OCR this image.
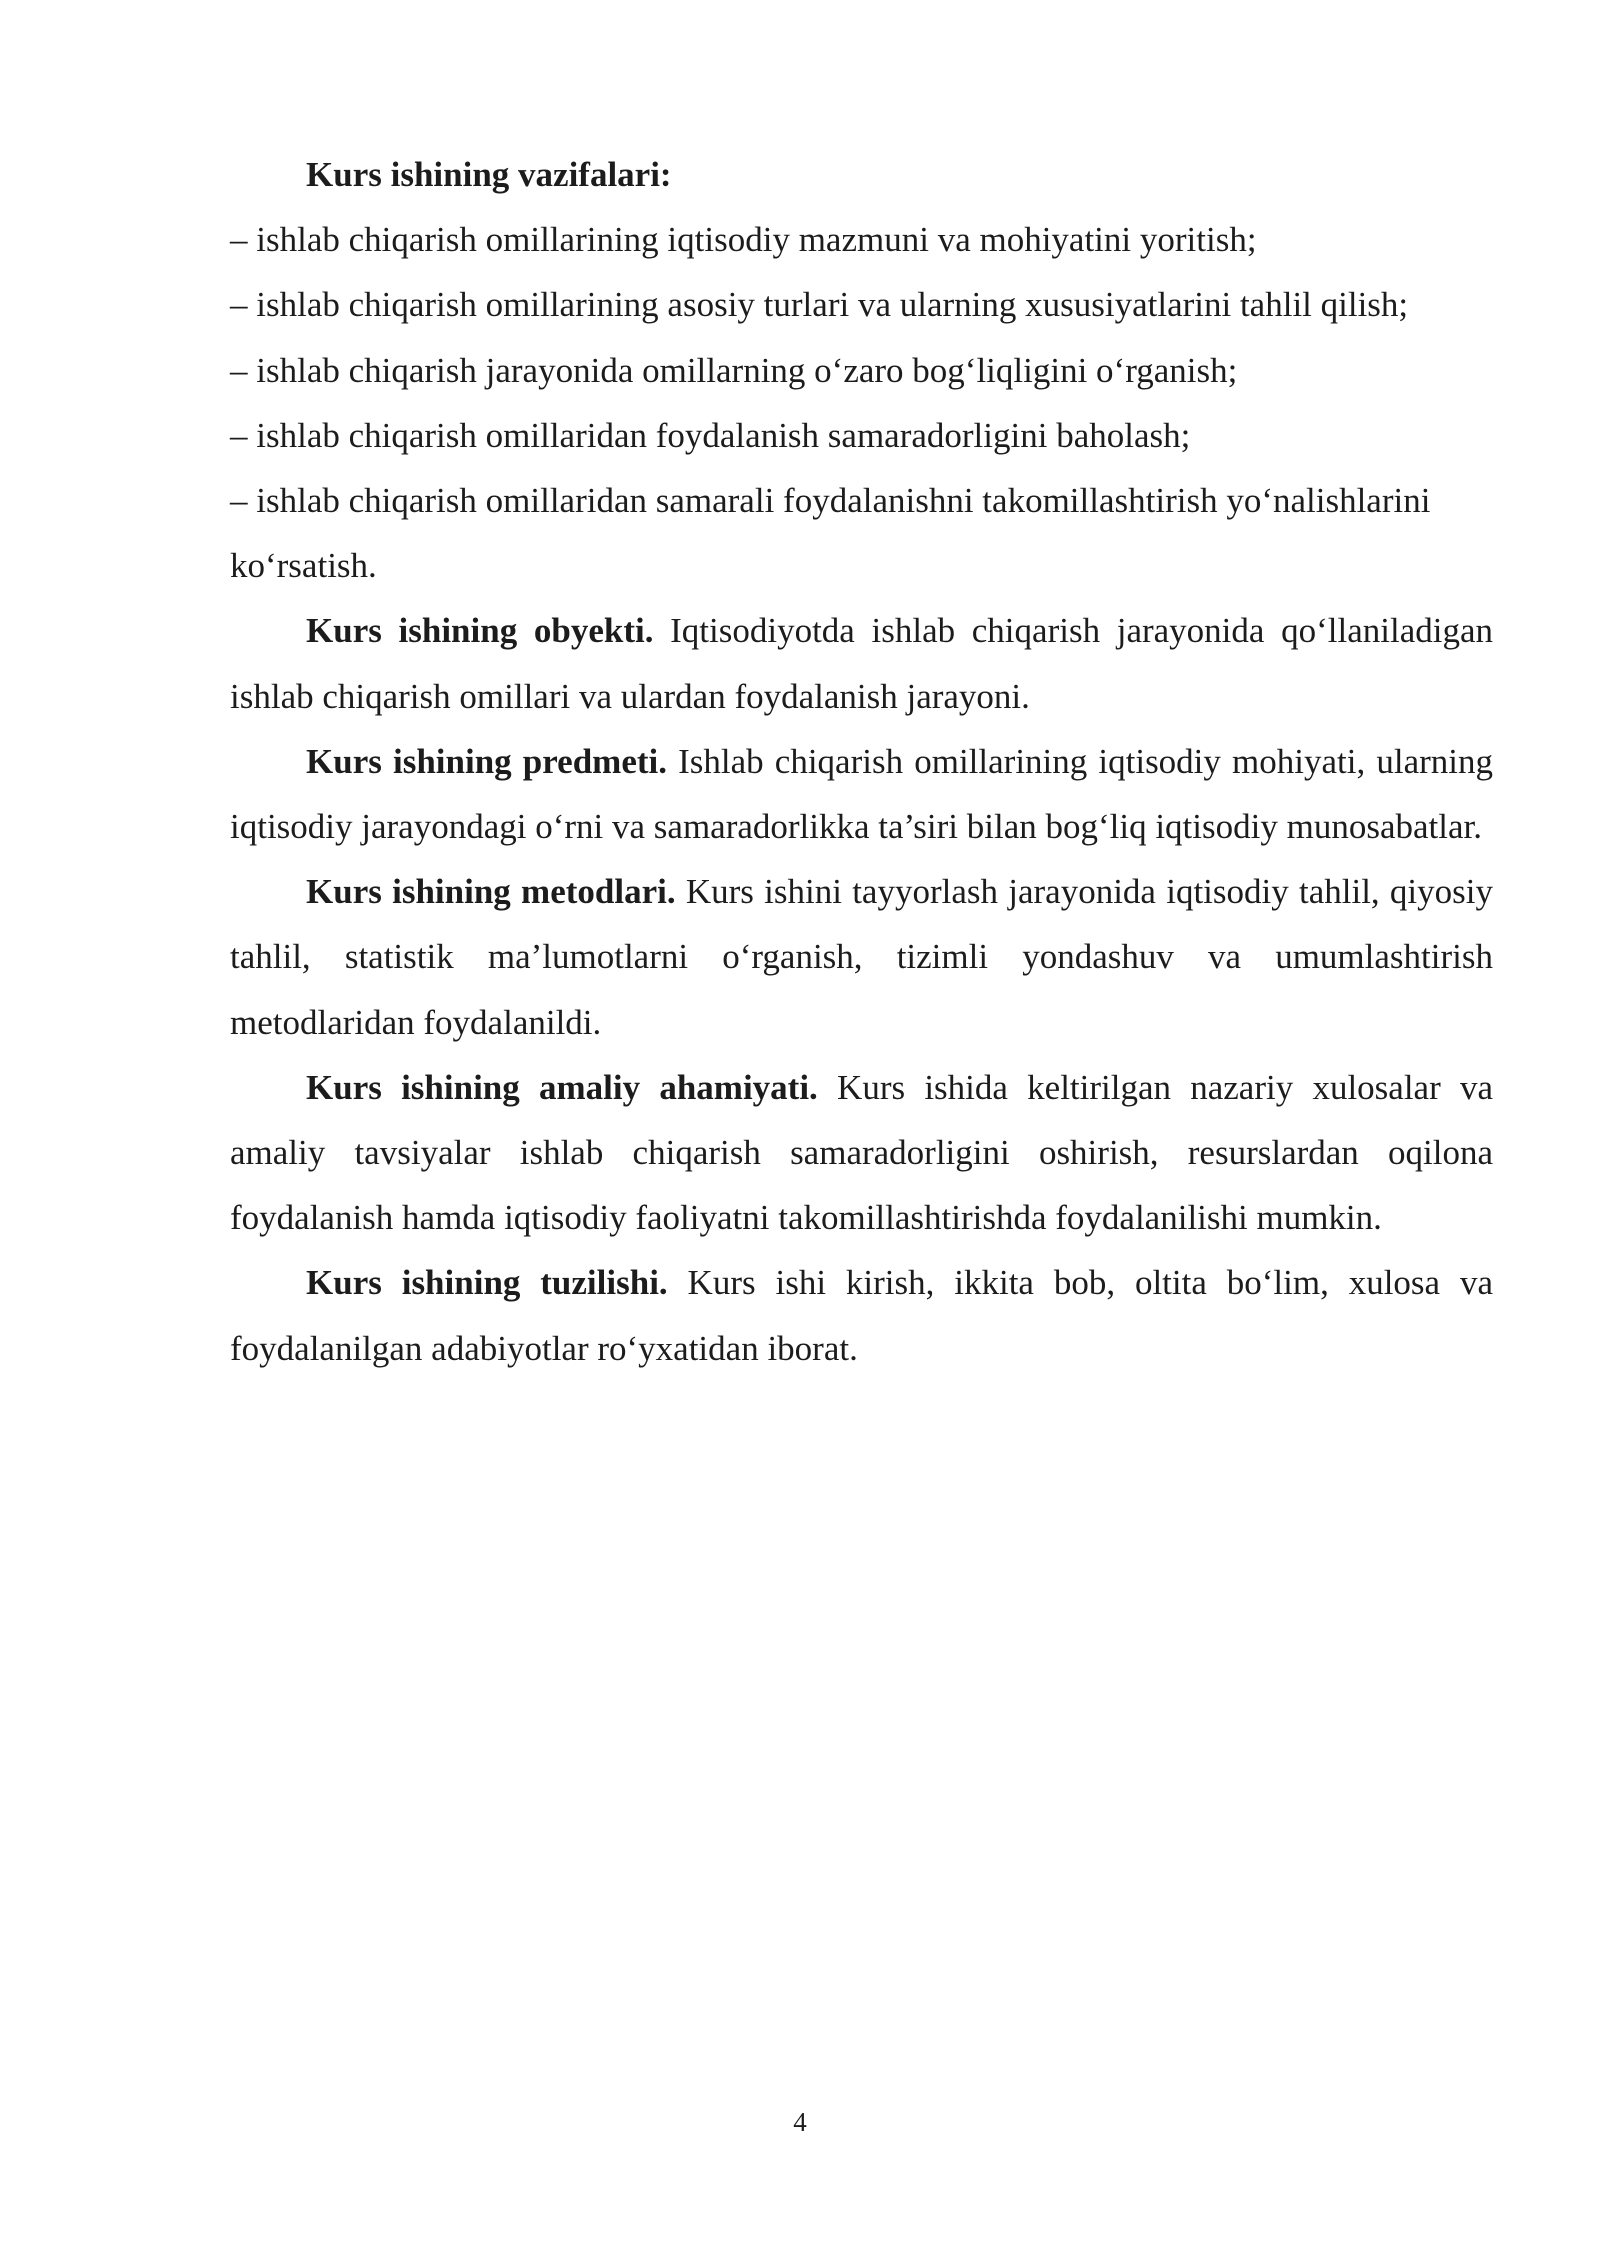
Kurs ishining vazifalari:

– ishlab chiqarish omillarining iqtisodiy mazmuni va mohiyatini yoritish;

– ishlab chiqarish omillarining asosiy turlari va ularning xususiyatlarini tahlil qilish;

– ishlab chiqarish jarayonida omillarning o‘zaro bog‘liqligini o‘rganish;

– ishlab chiqarish omillaridan foydalanish samaradorligini baholash;

– ishlab chiqarish omillaridan samarali foydalanishni takomillashtirish yo‘nalishlarini ko‘rsatish.

Kurs ishining obyekti. Iqtisodiyotda ishlab chiqarish jarayonida qo‘llaniladigan ishlab chiqarish omillari va ulardan foydalanish jarayoni.

Kurs ishining predmeti. Ishlab chiqarish omillarining iqtisodiy mohiyati, ularning iqtisodiy jarayondagi o‘rni va samaradorlikka ta’siri bilan bog‘liq iqtisodiy munosabatlar.

Kurs ishining metodlari. Kurs ishini tayyorlash jarayonida iqtisodiy tahlil, qiyosiy tahlil, statistik ma’lumotlarni o‘rganish, tizimli yondashuv va umumlashtirish metodlaridan foydalanildi.

Kurs ishining amaliy ahamiyati. Kurs ishida keltirilgan nazariy xulosalar va amaliy tavsiyalar ishlab chiqarish samaradorligini oshirish, resurslardan oqilona foydalanish hamda iqtisodiy faoliyatni takomillashtirishda foydalanilishi mumkin.

Kurs ishining tuzilishi. Kurs ishi kirish, ikkita bob, oltita bo‘lim, xulosa va foydalanilgan adabiyotlar ro‘yxatidan iborat.

4
